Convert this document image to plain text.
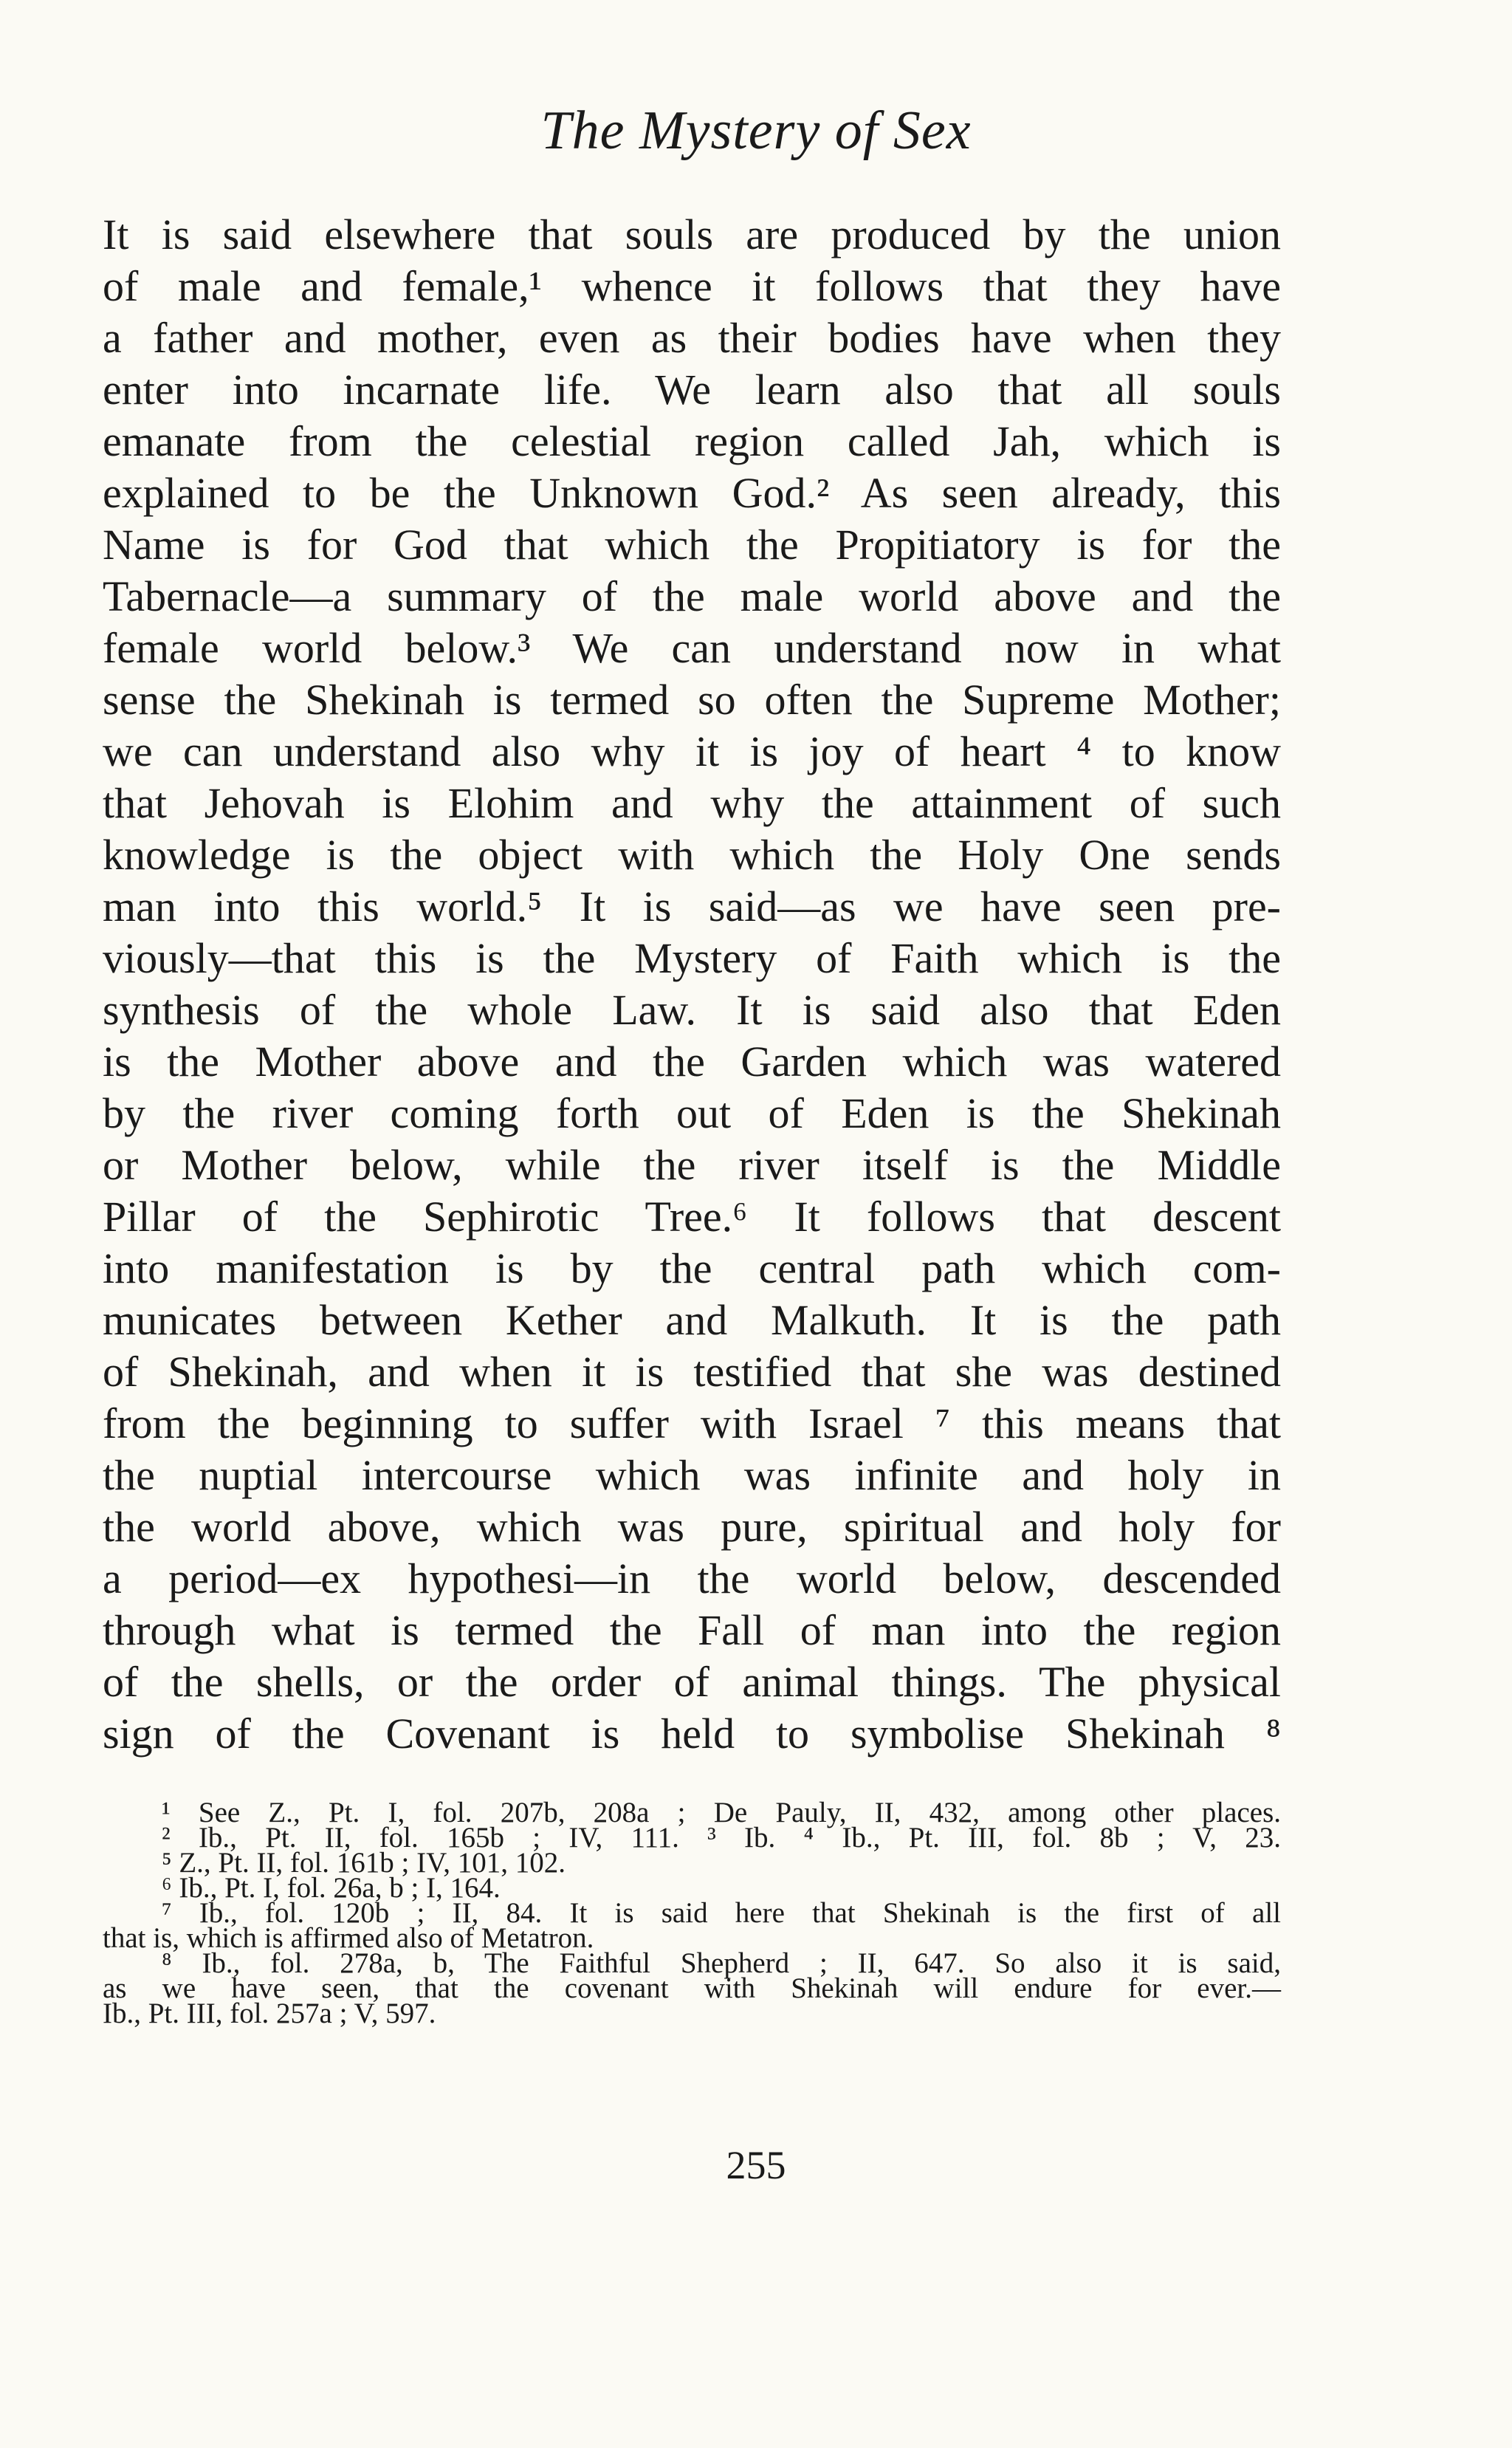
The Mystery of Sex
It is said elsewhere that souls are produced by the union
of male and female,¹ whence it follows that they have
a father and mother, even as their bodies have when they
enter into incarnate life. We learn also that all souls
emanate from the celestial region called Jah, which is
explained to be the Unknown God.² As seen already, this
Name is for God that which the Propitiatory is for the
Tabernacle—a summary of the male world above and the
female world below.³ We can understand now in what
sense the Shekinah is termed so often the Supreme Mother;
we can understand also why it is joy of heart ⁴ to know
that Jehovah is Elohim and why the attainment of such
knowledge is the object with which the Holy One sends
man into this world.⁵ It is said—as we have seen pre-
viously—that this is the Mystery of Faith which is the
synthesis of the whole Law. It is said also that Eden
is the Mother above and the Garden which was watered
by the river coming forth out of Eden is the Shekinah
or Mother below, while the river itself is the Middle
Pillar of the Sephirotic Tree.⁶ It follows that descent
into manifestation is by the central path which com-
municates between Kether and Malkuth. It is the path
of Shekinah, and when it is testified that she was destined
from the beginning to suffer with Israel ⁷ this means that
the nuptial intercourse which was infinite and holy in
the world above, which was pure, spiritual and holy for
a period—ex hypothesi—in the world below, descended
through what is termed the Fall of man into the region
of the shells, or the order of animal things. The physical
sign of the Covenant is held to symbolise Shekinah ⁸
¹ See Z., Pt. I, fol. 207b, 208a ; De Pauly, II, 432, among other places.
² Ib., Pt. II, fol. 165b ; IV, 111. ³ Ib. ⁴ Ib., Pt. III, fol. 8b ; V, 23.
⁵ Z., Pt. II, fol. 161b ; IV, 101, 102.
⁶ Ib., Pt. I, fol. 26a, b ; I, 164.
⁷ Ib., fol. 120b ; II, 84. It is said here that Shekinah is the first of all
that is, which is affirmed also of Metatron.
⁸ Ib., fol. 278a, b, The Faithful Shepherd ; II, 647. So also it is said,
as we have seen, that the covenant with Shekinah will endure for ever.—
Ib., Pt. III, fol. 257a ; V, 597.
255
